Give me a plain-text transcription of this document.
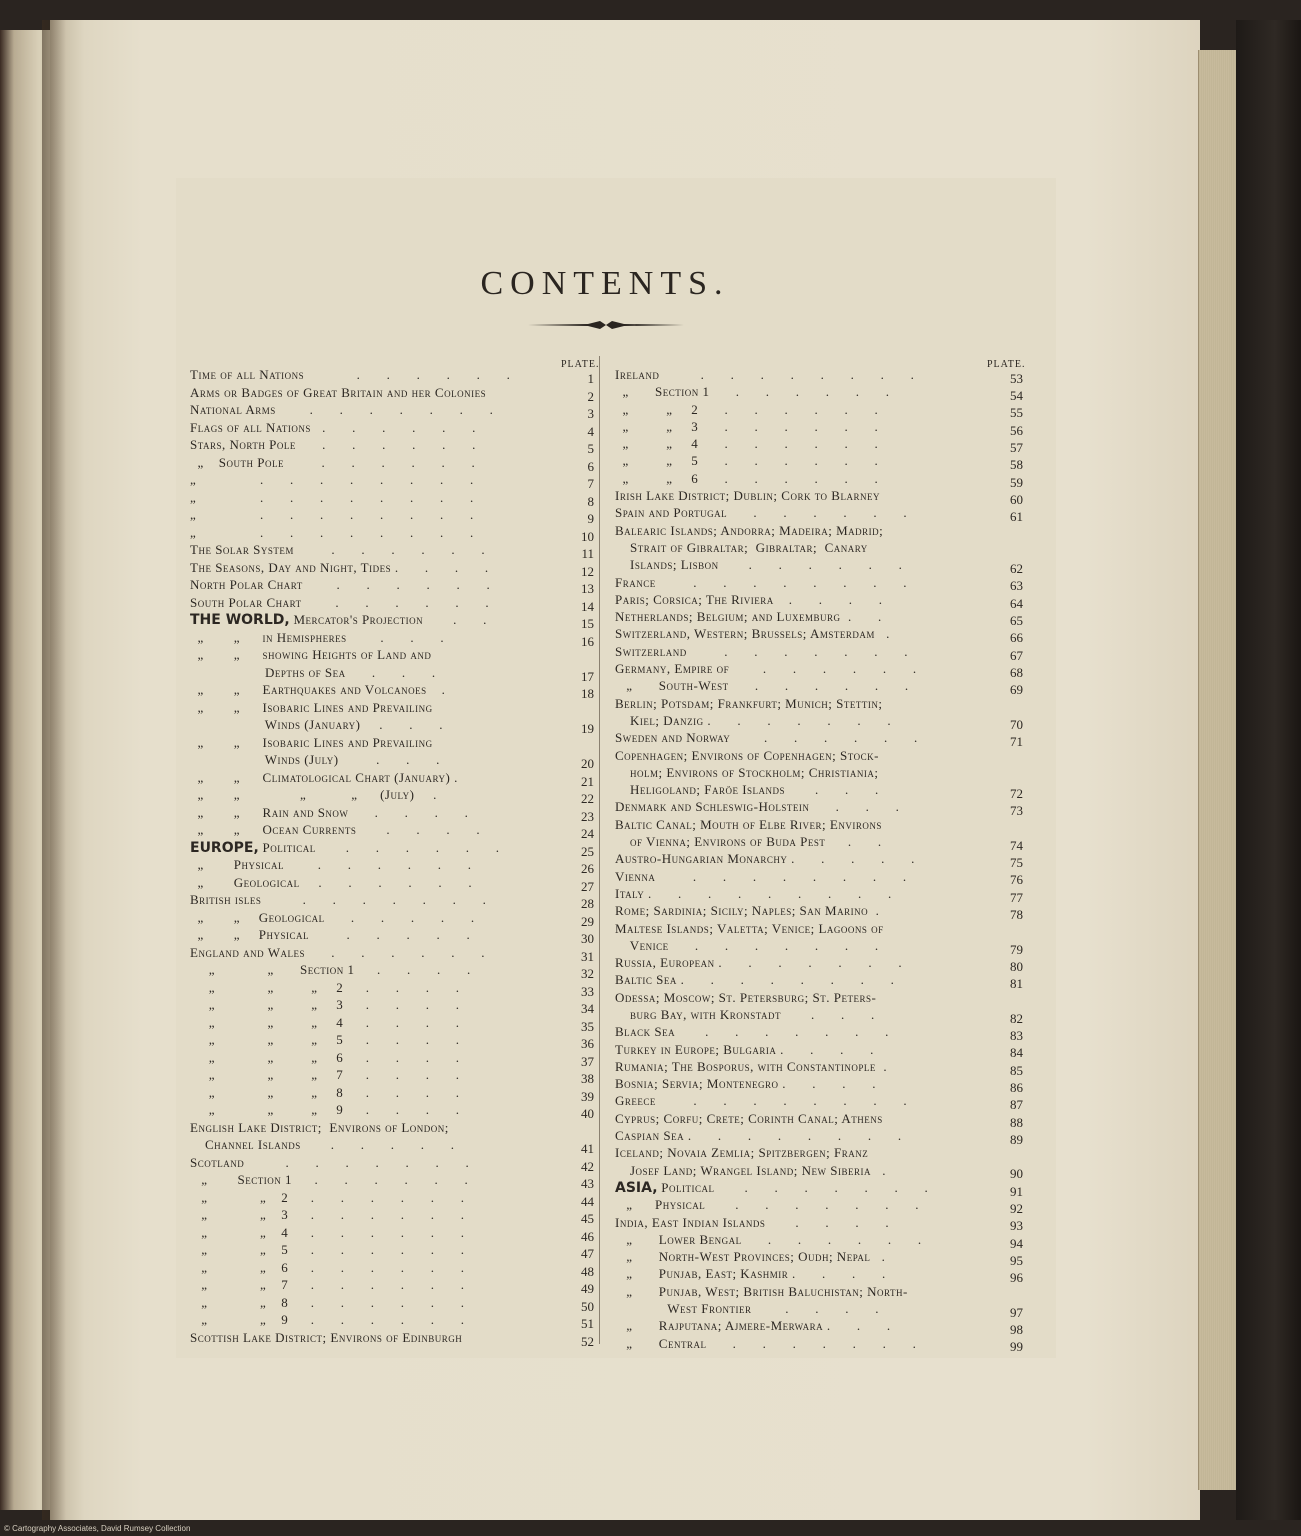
CONTENTS.
PLATE.	PLATE.
Time of all Nations              .       .       .       .       .       .	1
Arms or Badges of Great Britain and her Colonies	2
National Arms         .       .       .       .       .       .       .	3
Flags of all Nations   .       .       .       .       .       .	4
Stars, North Pole       .       .       .       .       .       .	5
„    South Pole          .       .       .       .       .       .	6
„                 .       .       .       .       .       .       .       .	7
„                 .       .       .       .       .       .       .       .	8
„                 .       .       .       .       .       .       .       .	9
„                 .       .       .       .       .       .       .       .	10
The Solar System          .       .       .       .       .       .	11
The Seasons, Day and Night, Tides .       .       .       .	12
North Polar Chart         .       .       .       .       .       .	13
South Polar Chart         .       .       .       .       .       .	14
THE WORLD, Mercator's Projection        .       .	15
„        „      in Hemispheres         .       .       .	16
„        „      showing Heights of Land and
Depths of Sea       .       .       .	17
„        „      Earthquakes and Volcanoes    .	18
„        „      Isobaric Lines and Prevailing
Winds (January)     .       .       .	19
„        „      Isobaric Lines and Prevailing
Winds (July)          .       .       .	20
„        „      Climatological Chart (January) .	21
„        „                „            „      (July)     .	22
„        „      Rain and Snow       .       .       .       .	23
„        „      Ocean Currents        .       .       .       .	24
EUROPE, Political        .       .       .       .       .       .	25
„        Physical         .       .       .       .       .       .	26
„        Geological     .       .       .       .       .       .	27
British isles           .       .       .       .       .       .       .	28
„        „     Geological       .       .       .       .       .	29
„        „     Physical          .       .       .       .       .	30
England and Wales       .       .       .       .       .       .	31
„              „       Section 1      .       .       .       .	32
„              „          „     2      .       .       .       .	33
„              „          „     3      .       .       .       .	34
„              „          „     4      .       .       .       .	35
„              „          „     5      .       .       .       .	36
„              „          „     6      .       .       .       .	37
„              „          „     7      .       .       .       .	38
„              „          „     8      .       .       .       .	39
„              „          „     9      .       .       .       .	40
English Lake District;  Environs of London;
Channel Islands        .       .       .       .       .	41
Scotland           .       .       .       .       .       .       .	42
„        Section 1      .       .       .       .       .       .	43
„              „    2      .       .       .       .       .       .	44
„              „    3      .       .       .       .       .       .	45
„              „    4      .       .       .       .       .       .	46
„              „    5      .       .       .       .       .       .	47
„              „    6      .       .       .       .       .       .	48
„              „    7      .       .       .       .       .       .	49
„              „    8      .       .       .       .       .       .	50
„              „    9      .       .       .       .       .       .	51
Scottish Lake District; Environs of Edinburgh	52
Ireland           .       .       .       .       .       .       .       .	53
„       Section 1       .       .       .       .       .       .	54
„          „     2       .       .       .       .       .       .	55
„          „     3       .       .       .       .       .       .	56
„          „     4       .       .       .       .       .       .	57
„          „     5       .       .       .       .       .       .	58
„          „     6       .       .       .       .       .       .	59
Irish Lake District; Dublin; Cork to Blarney	60
Spain and Portugal       .       .       .       .       .       .	61
Balearic Islands; Andorra; Madeira; Madrid;
Strait of Gibraltar;  Gibraltar;  Canary
Islands; Lisbon        .       .       .       .       .       .	62
France          .       .       .       .       .       .       .       .	63
Paris; Corsica; The Riviera    .       .       .       .	64
Netherlands; Belgium; and Luxemburg  .       .	65
Switzerland, Western; Brussels; Amsterdam   .	66
Switzerland          .       .       .       .       .       .       .	67
Germany, Empire of         .       .       .       .       .       .	68
„       South-West       .       .       .       .       .       .	69
Berlin; Potsdam; Frankfurt; Munich; Stettin;
Kiel; Danzig .       .       .       .       .       .       .	70
Sweden and Norway         .       .       .       .       .       .	71
Copenhagen; Environs of Copenhagen; Stock-
holm; Environs of Stockholm; Christiania;
Heligoland; Faröe Islands        .       .       .	72
Denmark and Schleswig-Holstein       .       .       .	73
Baltic Canal; Mouth of Elbe River; Environs
of Vienna; Environs of Buda Pest      .       .	74
Austro-Hungarian Monarchy .       .       .       .       .	75
Vienna          .       .       .       .       .       .       .       .	76
Italy .       .       .       .       .       .       .       .       .	77
Rome; Sardinia; Sicily; Naples; San Marino  .	78
Maltese Islands; Valetta; Venice; Lagoons of
Venice       .       .       .       .       .       .       .	79
Russia, European .       .       .       .       .       .       .	80
Baltic Sea .       .       .       .       .       .       .       .	81
Odessa; Moscow; St. Petersburg; St. Peters-
burg Bay, with Kronstadt        .       .       .	82
Black Sea        .       .       .       .       .       .       .	83
Turkey in Europe; Bulgaria .       .       .       .	84
Rumania; The Bosporus, with Constantinople  .	85
Bosnia; Servia; Montenegro .       .       .       .	86
Greece          .       .       .       .       .       .       .       .	87
Cyprus; Corfu; Crete; Corinth Canal; Athens	88
Caspian Sea .       .       .       .       .       .       .       .	89
Iceland; Novaia Zemlia; Spitzbergen; Franz
Josef Land; Wrangel Island; New Siberia   .	90
ASIA, Political        .       .       .       .       .       .       .	91
„      Physical        .       .       .       .       .       .       .	92
India, East Indian Islands        .       .       .       .	93
„       Lower Bengal       .       .       .       .       .       .	94
„       North-West Provinces; Oudh; Nepal   .	95
„       Punjab, East; Kashmir .       .       .       .	96
„       Punjab, West; British Baluchistan; North-
West Frontier         .       .       .       .	97
„       Rajputana; Ajmere-Merwara .       .       .	98
„       Central       .       .       .       .       .       .       .	99
© Cartography Associates, David Rumsey Collection
